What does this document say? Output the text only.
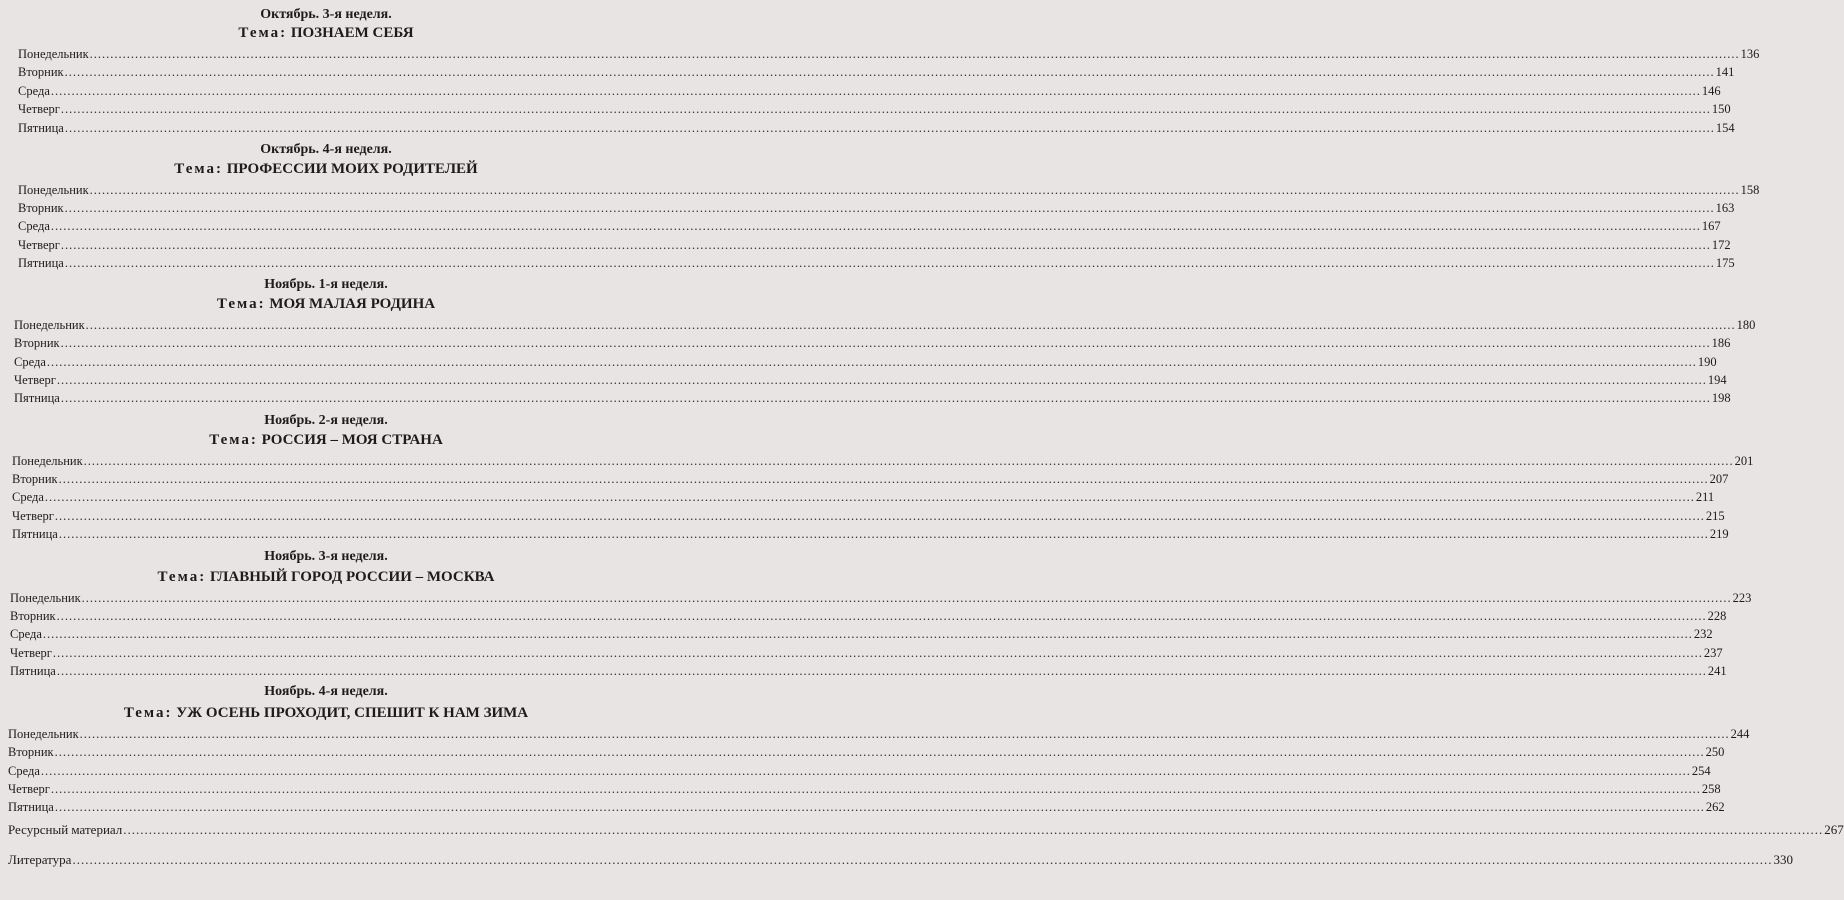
Октябрь. 3-я неделя.
Тема: ПОЗНАЕМ СЕБЯ
Понедельник ................................................................................................................................................................................................................................................................................................................................................................................................................ 136
Вторник ................................................................................................................................................................................................................................................................................................................................................................................................................ 141
Среда ................................................................................................................................................................................................................................................................................................................................................................................................................ 146
Четверг ................................................................................................................................................................................................................................................................................................................................................................................................................ 150
Пятница ................................................................................................................................................................................................................................................................................................................................................................................................................ 154
Октябрь. 4-я неделя.
Тема: ПРОФЕССИИ МОИХ РОДИТЕЛЕЙ
Понедельник ................................................................................................................................................................................................................................................................................................................................................................................................................ 158
Вторник ................................................................................................................................................................................................................................................................................................................................................................................................................ 163
Среда ................................................................................................................................................................................................................................................................................................................................................................................................................ 167
Четверг ................................................................................................................................................................................................................................................................................................................................................................................................................ 172
Пятница ................................................................................................................................................................................................................................................................................................................................................................................................................ 175
Ноябрь. 1-я неделя.
Тема: МОЯ МАЛАЯ РОДИНА
Понедельник ................................................................................................................................................................................................................................................................................................................................................................................................................ 180
Вторник ................................................................................................................................................................................................................................................................................................................................................................................................................ 186
Среда ................................................................................................................................................................................................................................................................................................................................................................................................................ 190
Четверг ................................................................................................................................................................................................................................................................................................................................................................................................................ 194
Пятница ................................................................................................................................................................................................................................................................................................................................................................................................................ 198
Ноябрь. 2-я неделя.
Тема: РОССИЯ – МОЯ СТРАНА
Понедельник ................................................................................................................................................................................................................................................................................................................................................................................................................ 201
Вторник ................................................................................................................................................................................................................................................................................................................................................................................................................ 207
Среда ................................................................................................................................................................................................................................................................................................................................................................................................................ 211
Четверг ................................................................................................................................................................................................................................................................................................................................................................................................................ 215
Пятница ................................................................................................................................................................................................................................................................................................................................................................................................................ 219
Ноябрь. 3-я неделя.
Тема: ГЛАВНЫЙ ГОРОД РОССИИ – МОСКВА
Понедельник ................................................................................................................................................................................................................................................................................................................................................................................................................ 223
Вторник ................................................................................................................................................................................................................................................................................................................................................................................................................ 228
Среда ................................................................................................................................................................................................................................................................................................................................................................................................................ 232
Четверг ................................................................................................................................................................................................................................................................................................................................................................................................................ 237
Пятница ................................................................................................................................................................................................................................................................................................................................................................................................................ 241
Ноябрь. 4-я неделя.
Тема: УЖ ОСЕНЬ ПРОХОДИТ, СПЕШИТ К НАМ ЗИМА
Понедельник ................................................................................................................................................................................................................................................................................................................................................................................................................ 244
Вторник ................................................................................................................................................................................................................................................................................................................................................................................................................ 250
Среда ................................................................................................................................................................................................................................................................................................................................................................................................................ 254
Четверг ................................................................................................................................................................................................................................................................................................................................................................................................................ 258
Пятница ................................................................................................................................................................................................................................................................................................................................................................................................................ 262
Ресурсный материал ................................................................................................................................................................................................................................................................................................................................................................................................................ 267
Литература ................................................................................................................................................................................................................................................................................................................................................................................................................ 330
